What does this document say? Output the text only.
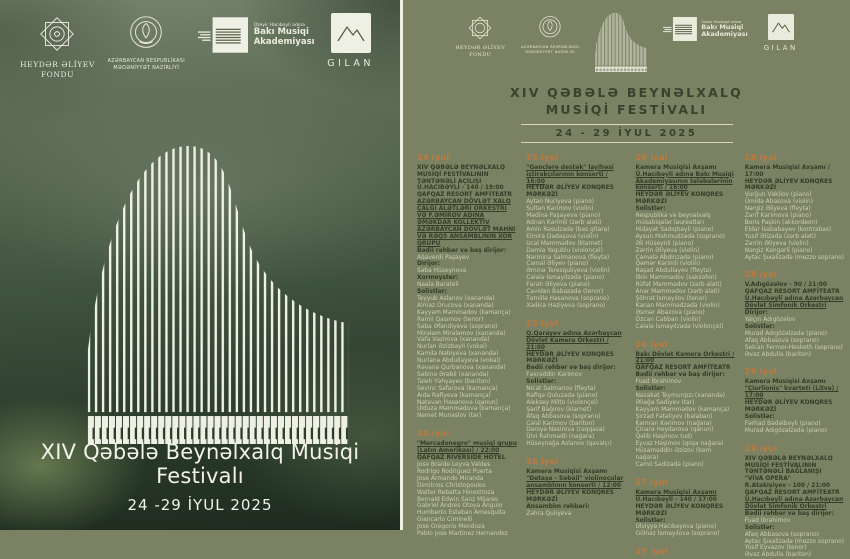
HEYDƏR ƏLİYEV
FONDU
AZƏRBAYCAN RESPUBLİKASI
MƏDƏNİYYƏT NAZİRLİYİ
Üzeyir Hacıbəyli adına
Bakı Musiqi
Akademiyası
GILAN
XIV Qəbələ Beynəlxalq Musiqi Festivalı
24 -29 İYUL 2025
HEYDƏR ƏLİYEV
FONDU
AZƏRBAYCAN RESPUBLİKASI
MƏDƏNİYYƏT NAZİRLİYİ
Üzeyir Hacıbəyli adına
Bakı Musiqi
Akademiyası
GILAN
XIV QƏBƏLƏ BEYNƏLXALQ
MUSİQİ FESTİVALI
24 - 29 İYUL 2025
24 iyul
XIV QƏBƏLƏ BEYNƏLXALQ MUSİQİ FESTİVALININ TƏNTƏNƏLİ AÇILIŞI
Ü.HACIBƏYLİ - 140 / 19:00
QAFQAZ RESORT AMFİTEATR
AZƏRBAYCAN DÖVLƏT XALQ ÇALĞI ALƏTLƏRİ ORKESTRİ VƏ F.ƏMİROV ADINA ƏMƏKDAR KOLLEKTİV AZƏRBAYCAN DÖVLƏT MAHNI VƏ RƏQS ANSAMBLININ XOR QRUPU
Bədii rəhbər və baş dirijor:
Ağaverdi Paşayev
Dirijor:
Səba Hüseynova
Xormeyster:
Naala Barateli
Solistlər:
Teyyub Aslanov (xanəndə)
Almaz Orucova (xanəndə)
Kəyyam Məmmədov (kamança)
Ramil Qasımov (tenor)
Səba Əfəndiyeva (soprano)
Mirələm Mirələmov (xanəndə)
Vəfa Vəzirova (xanəndə)
Nurlan Əzizbəyli (vokal)
Kamilə Nəbiyeva (xanəndə)
Nurlana Abdullayeva (vokal)
Rəvanə Qurbanova (xanəndə)
Səbinə Ərəbli (xanəndə)
Taleh Yəhyayev (bariton)
Sevinc Səfərova (kamança)
Aidə Rəfiyeva (kamança)
Nətəvan Həsənova (qanun)
Ulduzə Məmmədova (kamança)
Nemət Munaslov (tar)
24 iyul
"Mercadonegro" musiqi qrupu (Latın Amerikası) / 22:00
QAFQAZ RİVERSİDE HOTEL
Jose Braide Leyva Valdes
Rodrigo Rodriguez Puerta
Jose Armando Miranda
Dimitrios Christopoulos
Walter Rebatta Hinostroza
Bernald Edwin Sanz Mijares
Gabriel Andres Otoya Angulo
Humberto Esteban Amesquita
Giancarlo Ciminelli
Jose Gregorio Mendoza
Pablo Jose Martinez Hernandez
25 iyul
"Gənclərə dəstək" layihəsi iştirakçılarının konserti / 16:00
HEYDƏR ƏLİYEV KONQRES MƏRKƏZİ
Aytən Nuriyeva (piano)
Sultan Kərimov (violin)
Mədinə Paşayeva (piano)
Adnan Kərimli (zərb aləti)
Amin Rəsulzadə (bas gitara)
Elmira Dadaşova (violin)
Ucal Məmmədov (klarnet)
Damla Yaqublu (violonçel)
Nərminə Salmanova (fleyta)
Camal Əliyev (piano)
Əminə Teresquliyeva (violin)
Cəlalə İsmayılzadə (piano)
Fərəh Əliyeva (piano)
Cavidan Babazadə (tenor)
Təmillə Həsənova (soprano)
Xədicə Həziyeva (soprano)
25 iyul
Q.Qarayev adına Azərbaycan Dövlət Kamera Orkestri / 21:00
HEYDƏR ƏLİYEV KONQRES MƏRKƏZİ
Bədii rəhbər və baş dirijor:
Fəxrəddin Kərimov
Solistlər:
Nicat Salmanov (fleyta)
Rəfiqə Quluzadə (piano)
Aleksey Milto (violonçel)
Şərif Bağırov (klarnet)
Afaq Abbasova (soprano)
Cəlal Kərimov (bariton)
Dəniyə Nəsirova (rəqqasə)
Ülvi Rəhmədli (nağara)
Hüseynağa Aslanov (qavalçı)
26 iyul
Kamera Musiqisi Axşamı
"Detaşe - Səbail" violinoçular ansamblının konserti / 12:00
HEYDƏR ƏLİYEV KONQRES MƏRKƏZİ
Ansamblın rəhbəri:
Zəhra Quliyeva
26 iyul
Kamera Musiqisi Axşamı
Ü.Hacıbəyli adına Bakı Musiqi Akademiyasının tələbələrinin konserti / 16:00
HEYDƏR ƏLİYEV KONQRES MƏRKƏZİ
Solistlər:
Respublika və beynəlxalq müsabiqələr laureatları
Hidayət Sadıqbəyli (piano)
Aysun Mahmudzadə (soprano)
Əli Hüseynli (piano)
Zərrin Əliyeva (violin)
Çəmalə Abdinzadə (piano)
Qəmər Kərimli (violin)
Rəşad Abdullayev (fleyta)
İlkin Məmmədov (saksofon)
Rüfət Məmmədov (zərb aləti)
Anar Məmmədov (zərb aləti)
Şöhrət İsmayılov (tenor)
Kənan Məmmədzadə (violin)
Əsmər Abazova (piano)
Özcan Cabbarı (violin)
Cəlalə İsmayılzadə (violonçel)
26 iyul
Bakı Dövlət Kamera Orkestri / 21:00
QAFQAZ RESORT AMFİTEATR
Bədii rəhbər və baş dirijor:
Fuad İbrahimov
Solistlər:
Nəzakət Teymurqızı (xanəndə)
Əliağa Sədiyev (tar)
Kəyyam Məmmədov (kamança)
Şirzad Fətəliyev (balaban)
Kamran Kərimov (nağara)
Çinarə Heydərova (qanun)
Qəlib Həşimov (ud)
Eyvaz Həşimov (qoşa nağara)
Hüsaməddin Əzizov (bəm nağara)
Cəmil Sədizadə (piano)
27 iyul
Kamera Musiqisi Axşamı
Ü.Hacıbəyli - 140 / 17:00
HEYDƏR ƏLİYEV KONQRES MƏRKƏZİ
Solistlər:
Ülviyyə Hacıbəyova (piano)
Gülnaz İsmayılova (soprano)
27 iyul
28 iyul
Kamera Musiqisi Axşamı / 17:00
HEYDƏR ƏLİYEV KONQRES MƏRKƏZİ
Vurğun Vəkilov (piano)
Ümidə Abasova (violin)
Nərgiz Əliyeva (fleyta)
Zərif Kərimova (piano)
Boris Paşkin (akkordeon)
Eldar İsababayev (kontrabas)
Yusif Əlizadə (zərb aləti)
Zərrin Əliyeva (violin)
Nərgiz Kəngərli (piano)
Aytac Şıxəlizadə (mezzo soprano)
28 iyul
V.Adıgözəlov - 90 / 21:00
QAFQAZ RESORT AMFİTEATR
Ü.Hacıbəyli adına Azərbaycan Dövlət Simfonik Orkestri
Dirijor:
Yalçın Adıgözəlov
Solistlər:
Murad Adıgözəlzadə (piano)
Afaq Abbasova (soprano)
Selcan Fermor-Hesketh (soprano)
Əvəz Abdulla (bariton)
29 iyul
Kamera Musiqisi Axşamı
"Çiurlionis" kvarteti (Litva) / 17:00
HEYDƏR ƏLİYEV KONQRES MƏRKƏZİ
Solistlər:
Fərhad Bədəlbəyli (piano)
Murad Adıgözəlzadə (piano)
29 iyul
XIV QƏBƏLƏ BEYNƏLXALQ MUSİQİ FESTİVALININ TƏNTƏNƏLİ BAĞLANIŞI
"VİVA OPERA"
R.Atakişiyev - 100 / 21:00
QAFQAZ RESORT AMFİTEATR
Ü.Hacıbəyli adına Azərbaycan Dövlət Simfonik Orkestri
Bədii rəhbər və baş dirijor:
Fuad İbrahimov
Solistlər:
Afaq Abbasova (soprano)
Aytac Şıxəlizadə (mezzo soprano)
Yusif Eyvazov (tenor)
Əvəz Abdulla (bariton)
